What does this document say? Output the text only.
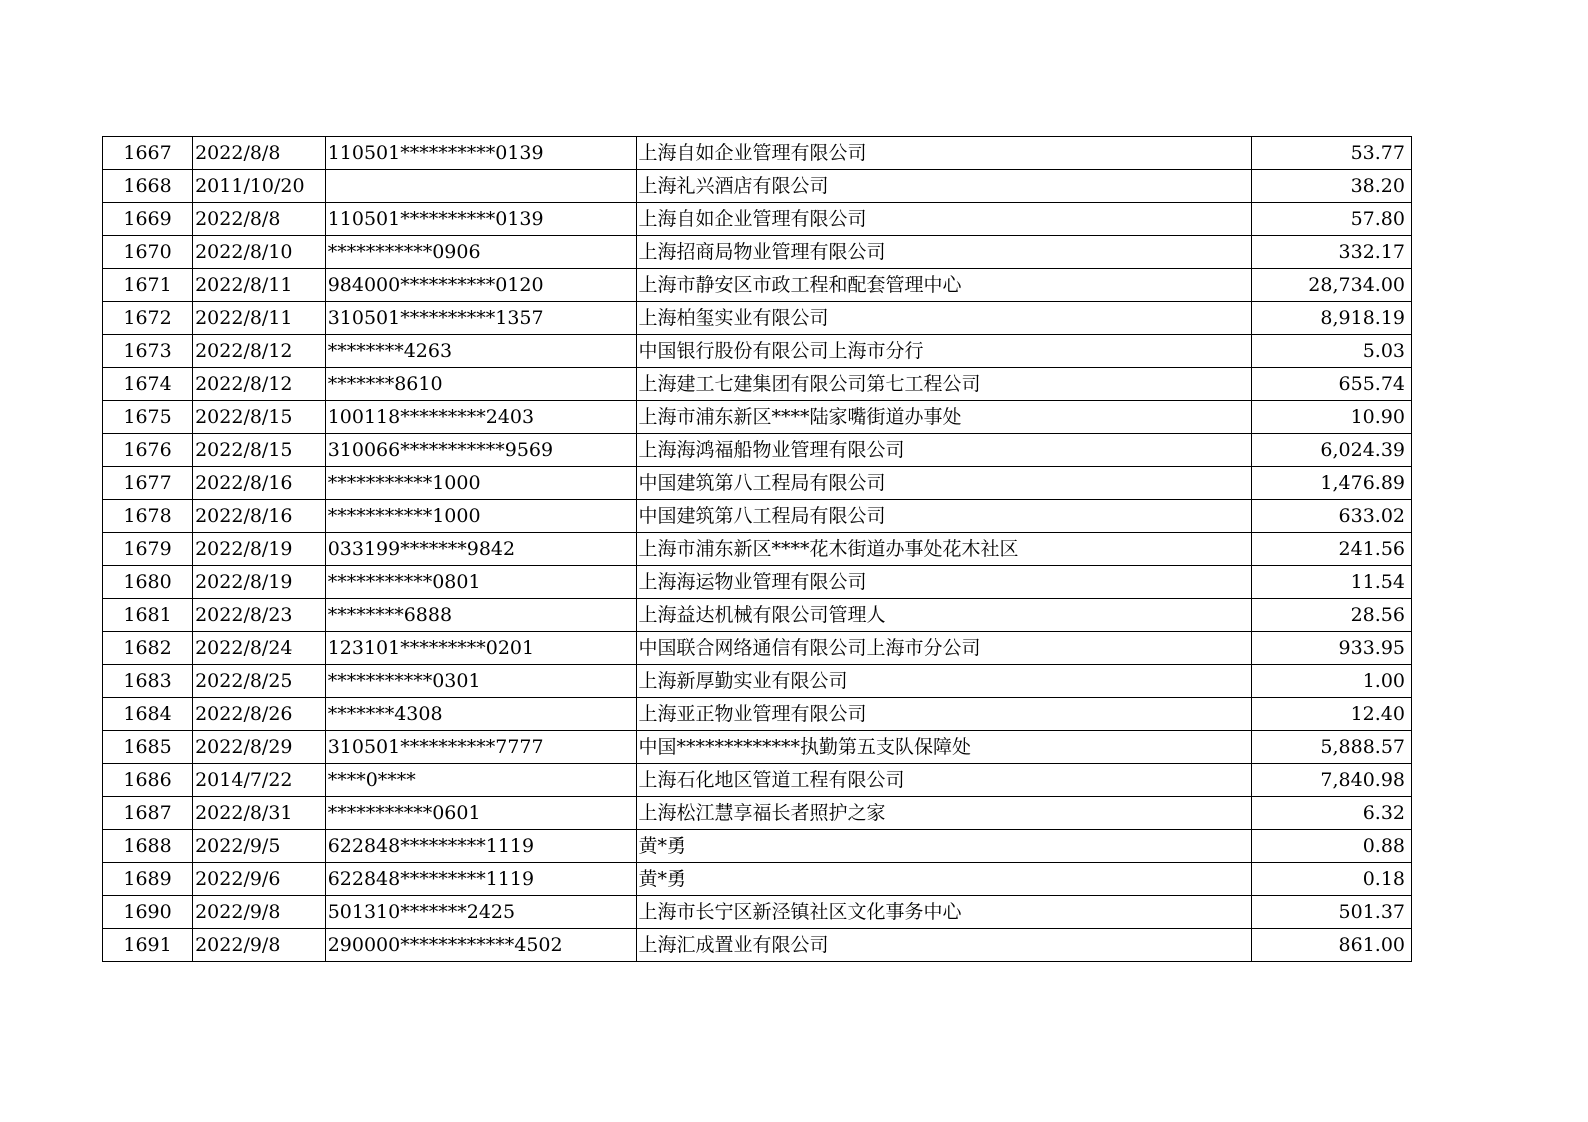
1667	2022/8/8	110501**********0139	上海自如企业管理有限公司	53.77
1668	2011/10/20		上海礼兴酒店有限公司	38.20
1669	2022/8/8	110501**********0139	上海自如企业管理有限公司	57.80
1670	2022/8/10	***********0906	上海招商局物业管理有限公司	332.17
1671	2022/8/11	984000**********0120	上海市静安区市政工程和配套管理中心	28,734.00
1672	2022/8/11	310501**********1357	上海柏玺实业有限公司	8,918.19
1673	2022/8/12	********4263	中国银行股份有限公司上海市分行	5.03
1674	2022/8/12	*******8610	上海建工七建集团有限公司第七工程公司	655.74
1675	2022/8/15	100118*********2403	上海市浦东新区****陆家嘴街道办事处	10.90
1676	2022/8/15	310066***********9569	上海海鸿福船物业管理有限公司	6,024.39
1677	2022/8/16	***********1000	中国建筑第八工程局有限公司	1,476.89
1678	2022/8/16	***********1000	中国建筑第八工程局有限公司	633.02
1679	2022/8/19	033199*******9842	上海市浦东新区****花木街道办事处花木社区	241.56
1680	2022/8/19	***********0801	上海海运物业管理有限公司	11.54
1681	2022/8/23	********6888	上海益达机械有限公司管理人	28.56
1682	2022/8/24	123101*********0201	中国联合网络通信有限公司上海市分公司	933.95
1683	2022/8/25	***********0301	上海新厚勤实业有限公司	1.00
1684	2022/8/26	*******4308	上海亚正物业管理有限公司	12.40
1685	2022/8/29	310501**********7777	中国*************执勤第五支队保障处	5,888.57
1686	2014/7/22	****0****	上海石化地区管道工程有限公司	7,840.98
1687	2022/8/31	***********0601	上海松江慧享福长者照护之家	6.32
1688	2022/9/5	622848*********1119	黄*勇	0.88
1689	2022/9/6	622848*********1119	黄*勇	0.18
1690	2022/9/8	501310*******2425	上海市长宁区新泾镇社区文化事务中心	501.37
1691	2022/9/8	290000************4502	上海汇成置业有限公司	861.00
